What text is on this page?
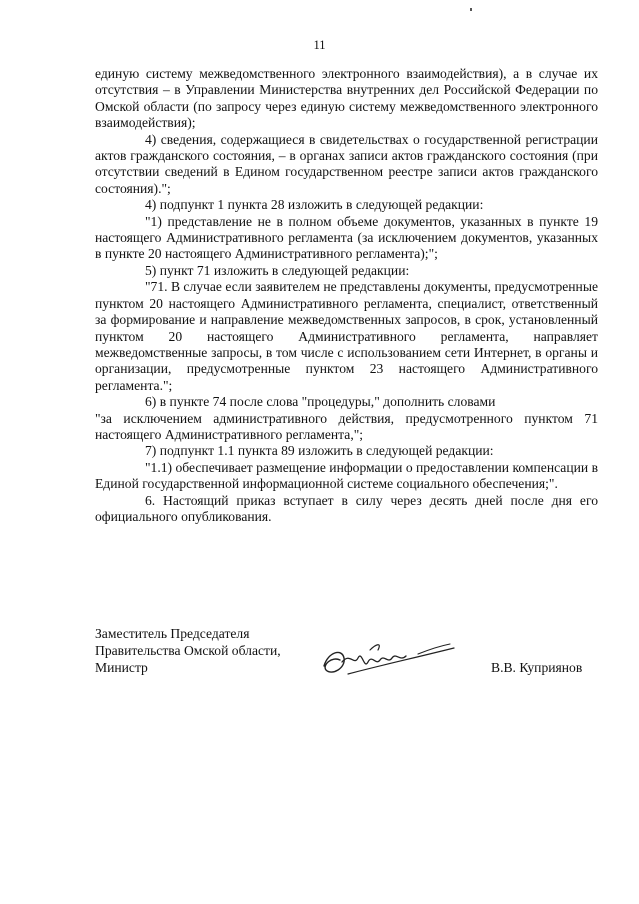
11

единую систему межведомственного электронного взаимодействия), а в случае их отсутствия – в Управлении Министерства внутренних дел Российской Федерации по Омской области (по запросу через единую систему межведомственного электронного взаимодействия);

4) сведения, содержащиеся в свидетельствах о государственной регистрации актов гражданского состояния, – в органах записи актов гражданского состояния (при отсутствии сведений в Едином государственном реестре записи актов гражданского состояния).";

4) подпункт 1 пункта 28 изложить в следующей редакции:

"1) представление не в полном объеме документов, указанных в пункте 19 настоящего Административного регламента (за исключением документов, указанных в пункте 20 настоящего Административного регламента);";

5) пункт 71 изложить в следующей редакции:

"71. В случае если заявителем не представлены документы, предусмотренные пунктом 20 настоящего Административного регламента, специалист, ответственный за формирование и направление межведомственных запросов, в срок, установленный пунктом 20 настоящего Административного регламента, направляет межведомственные запросы, в том числе с использованием сети Интернет, в органы и организации, предусмотренные пунктом 23 настоящего Административного регламента.";

6) в пункте 74 после слова "процедуры," дополнить словами

"за исключением административного действия, предусмотренного пунктом 71 настоящего Административного регламента,";

7) подпункт 1.1 пункта 89 изложить в следующей редакции:

"1.1) обеспечивает размещение информации о предоставлении компенсации в Единой государственной информационной системе социального обеспечения;".

6. Настоящий приказ вступает в силу через десять дней после дня его официального опубликования.

Заместитель Председателя
Правительства Омской области,
Министр	В.В. Куприянов
